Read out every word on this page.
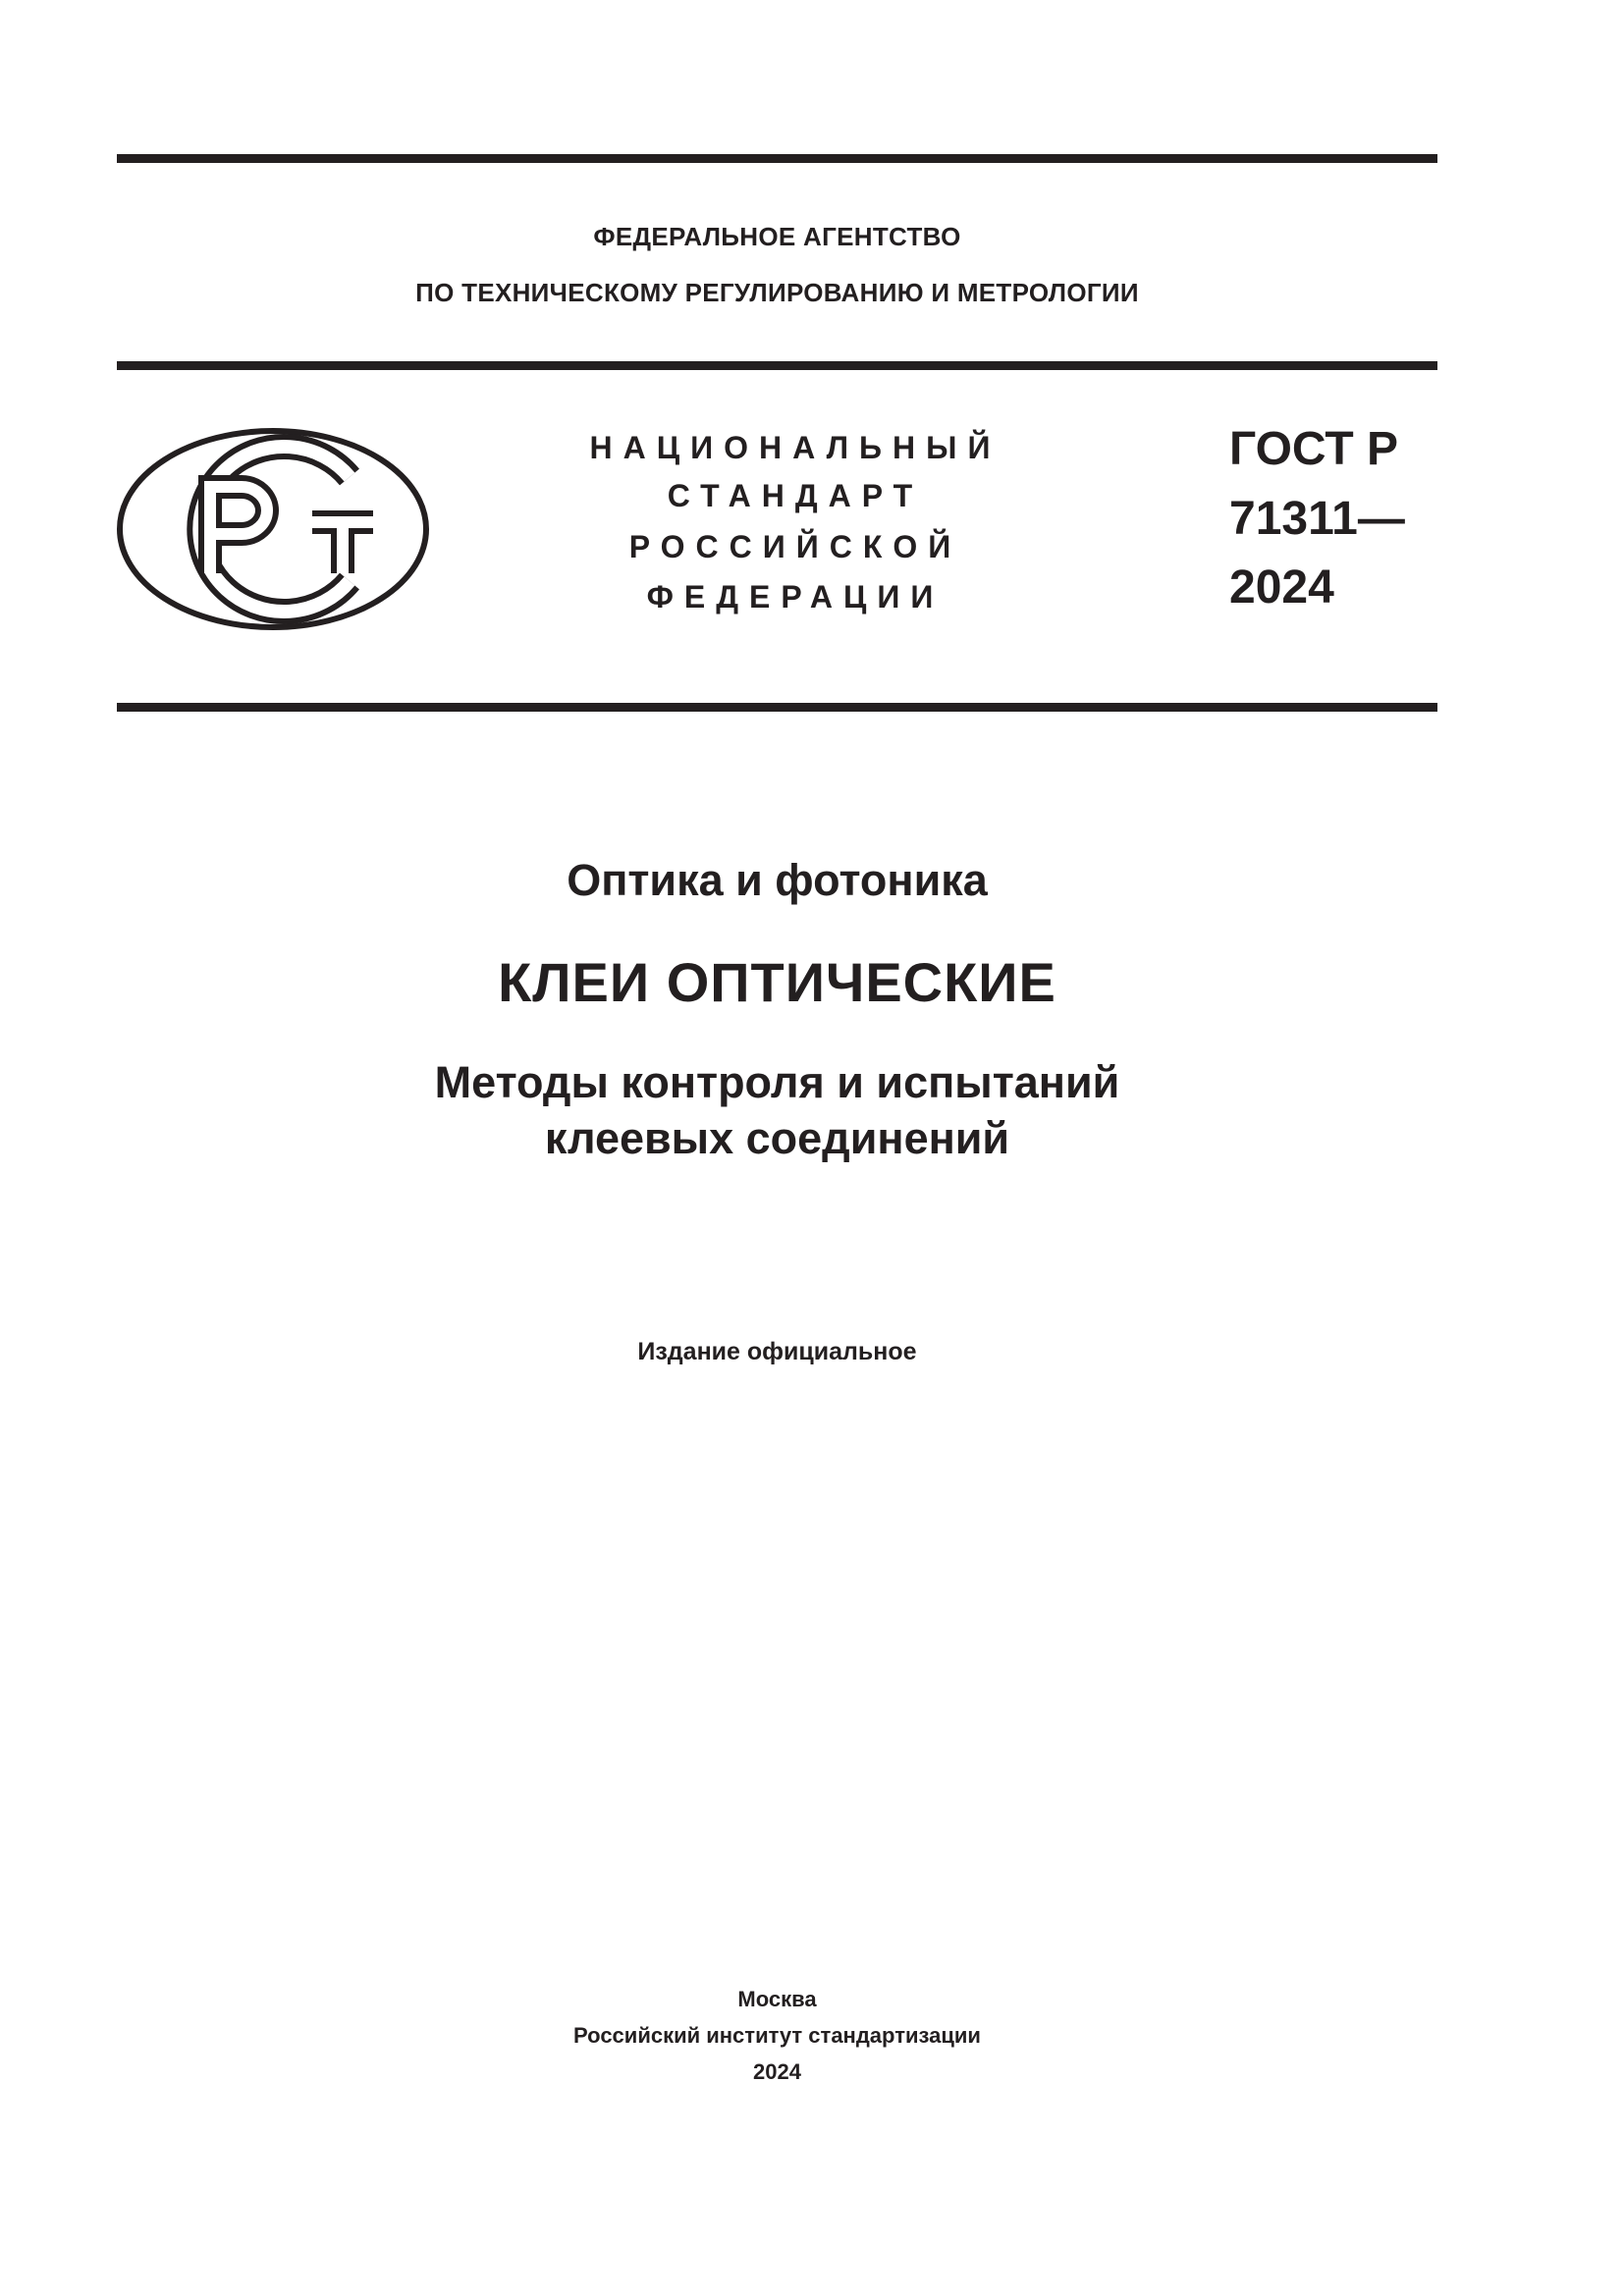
ФЕДЕРАЛЬНОЕ АГЕНТСТВО
ПО ТЕХНИЧЕСКОМУ РЕГУЛИРОВАНИЮ И МЕТРОЛОГИИ
НАЦИОНАЛЬНЫЙ
СТАНДАРТ
РОССИЙСКОЙ
ФЕДЕРАЦИИ
ГОСТ Р
71311—
2024
Оптика и фотоника
КЛЕИ ОПТИЧЕСКИЕ
Методы контроля и испытаний
клеевых соединений
Издание официальное
Москва
Российский институт стандартизации
2024
